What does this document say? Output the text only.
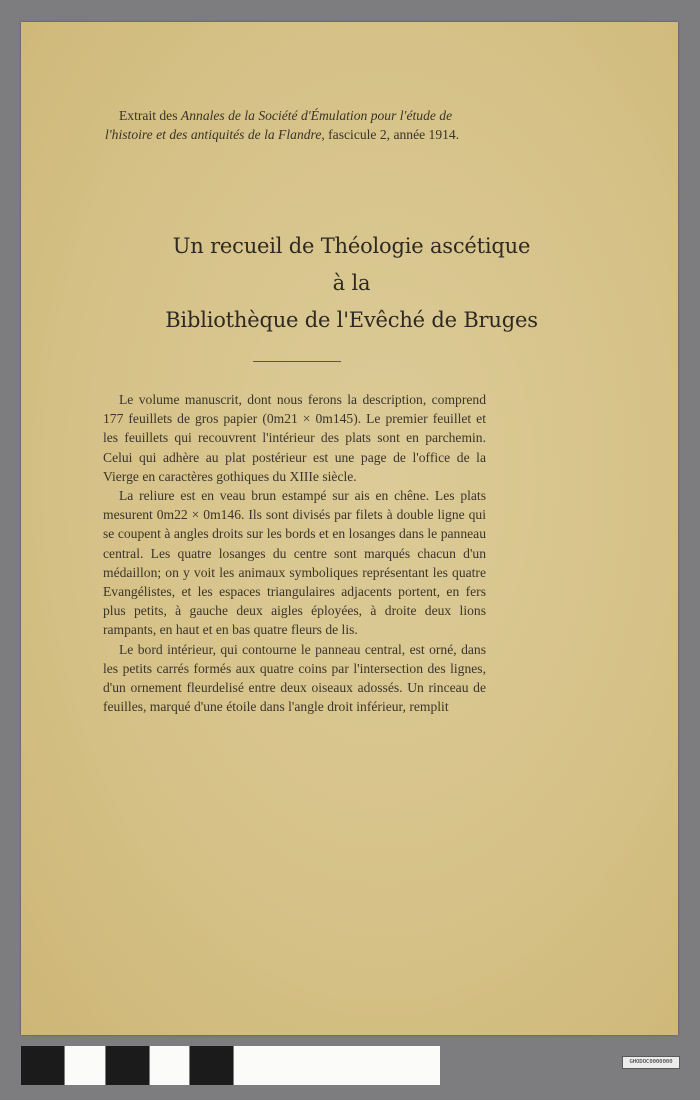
Extrait des Annales de la Société d'Émulation pour l'étude de l'histoire et des antiquités de la Flandre, fascicule 2, année 1914.
Un recueil de Théologie ascétique
à la
Bibliothèque de l'Evêché de Bruges

Le volume manuscrit, dont nous ferons la description, comprend 177 feuillets de gros papier (0m21 × 0m145). Le premier feuillet et les feuillets qui recouvrent l'intérieur des plats sont en parchemin. Celui qui adhère au plat postérieur est une page de l'office de la Vierge en caractères gothiques du XIIIe siècle.

La reliure est en veau brun estampé sur ais en chêne. Les plats mesurent 0m22 × 0m146. Ils sont divisés par filets à double ligne qui se coupent à angles droits sur les bords et en losanges dans le panneau central. Les quatre losanges du centre sont marqués chacun d'un médaillon; on y voit les animaux symboliques représentant les quatre Evangélistes, et les espaces triangulaires adjacents portent, en fers plus petits, à gauche deux aigles éployées, à droite deux lions rampants, en haut et en bas quatre fleurs de lis.

Le bord intérieur, qui contourne le panneau central, est orné, dans les petits carrés formés aux quatre coins par l'intersection des lignes, d'un ornement fleurdelisé entre deux oiseaux adossés. Un rinceau de feuilles, marqué d'une étoile dans l'angle droit inférieur, remplit

GHODOC0000000
